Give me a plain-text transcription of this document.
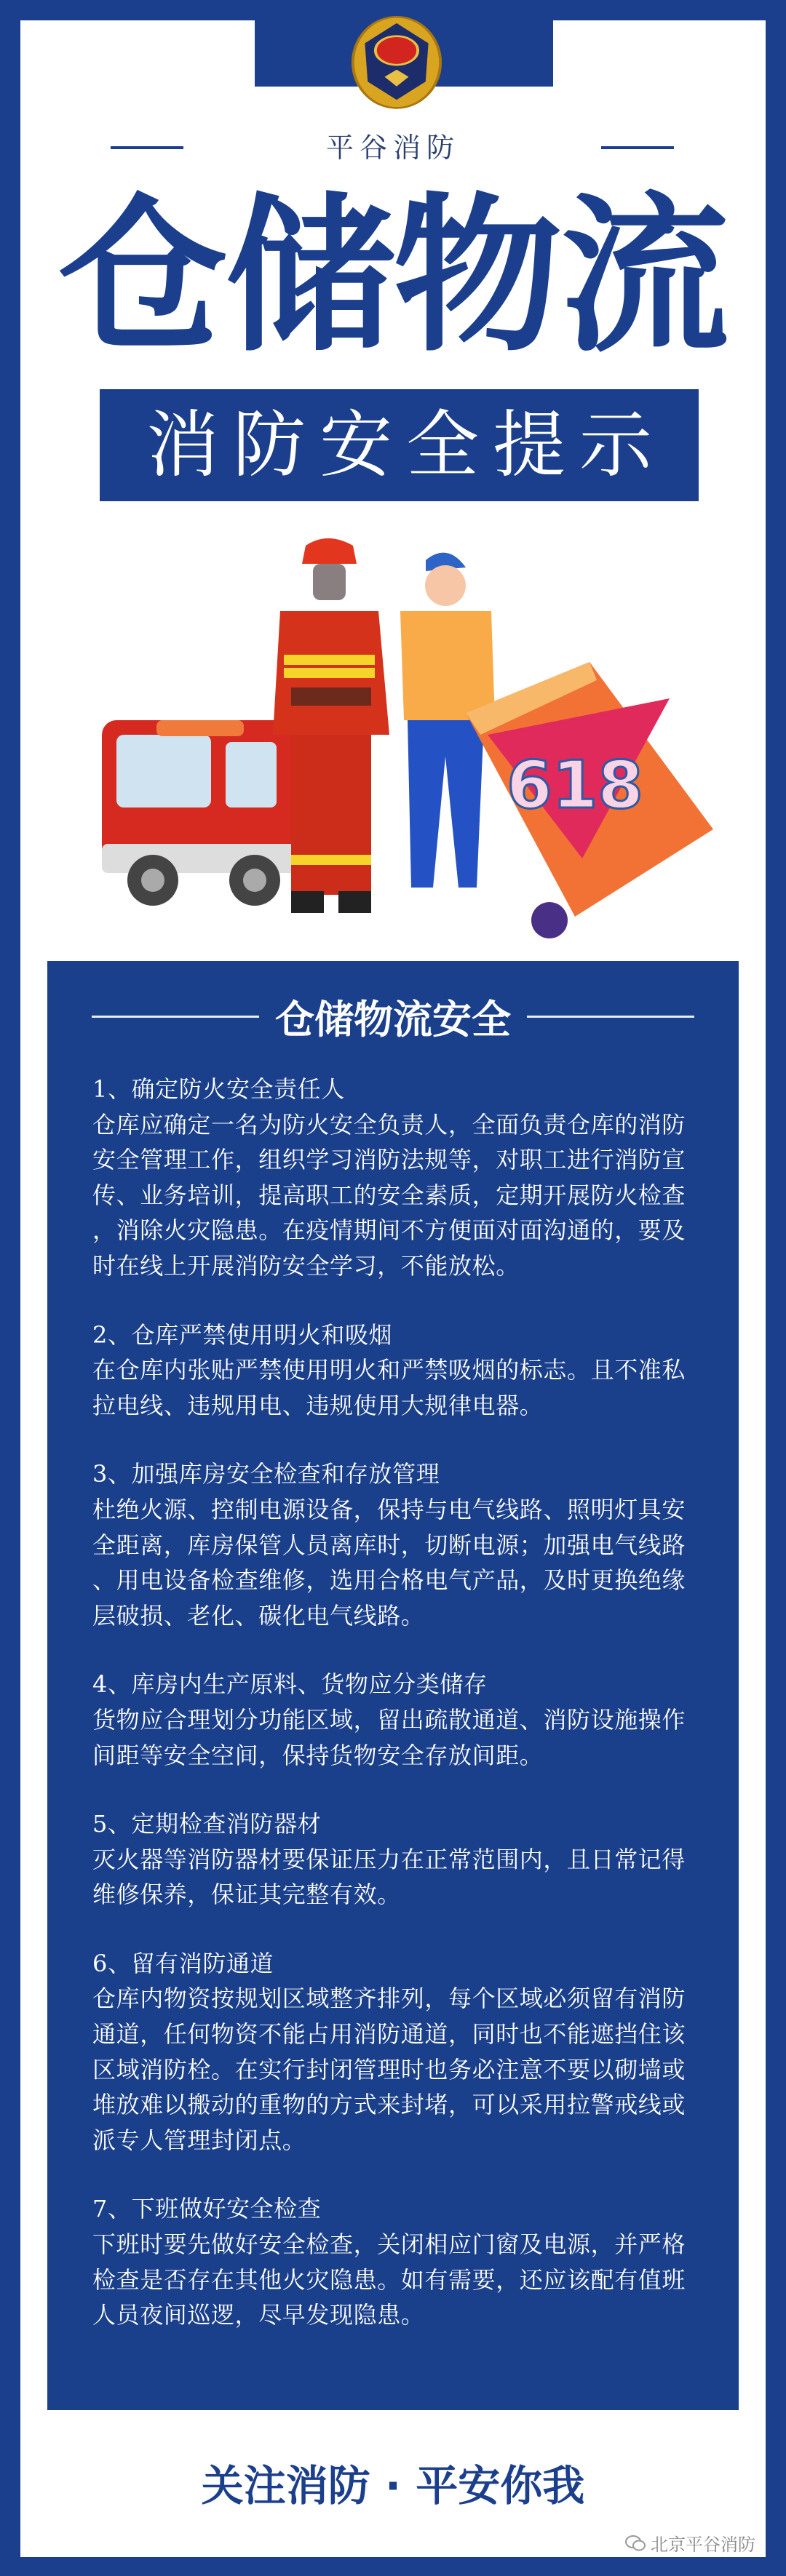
平谷消防
仓储物流
消防安全提示
618
仓储物流安全
1、确定防火安全责任人
仓库应确定一名为防火安全负责人，全面负责仓库的消防
安全管理工作，组织学习消防法规等，对职工进行消防宣
传、业务培训，提高职工的安全素质，定期开展防火检查
，消除火灾隐患。在疫情期间不方便面对面沟通的，要及
时在线上开展消防安全学习，不能放松。
2、仓库严禁使用明火和吸烟
在仓库内张贴严禁使用明火和严禁吸烟的标志。且不准私
拉电线、违规用电、违规使用大规律电器。
3、加强库房安全检查和存放管理
杜绝火源、控制电源设备，保持与电气线路、照明灯具安
全距离，库房保管人员离库时，切断电源；加强电气线路
、用电设备检查维修，选用合格电气产品，及时更换绝缘
层破损、老化、碳化电气线路。
4、库房内生产原料、货物应分类储存
货物应合理划分功能区域，留出疏散通道、消防设施操作
间距等安全空间，保持货物安全存放间距。
5、定期检查消防器材
灭火器等消防器材要保证压力在正常范围内，且日常记得
维修保养，保证其完整有效。
6、留有消防通道
仓库内物资按规划区域整齐排列，每个区域必须留有消防
通道，任何物资不能占用消防通道，同时也不能遮挡住该
区域消防栓。在实行封闭管理时也务必注意不要以砌墙或
堆放难以搬动的重物的方式来封堵，可以采用拉警戒线或
派专人管理封闭点。
7、下班做好安全检查
下班时要先做好安全检查，关闭相应门窗及电源，并严格
检查是否存在其他火灾隐患。如有需要，还应该配有值班
人员夜间巡逻，尽早发现隐患。
关注消防 · 平安你我
北京平谷消防
